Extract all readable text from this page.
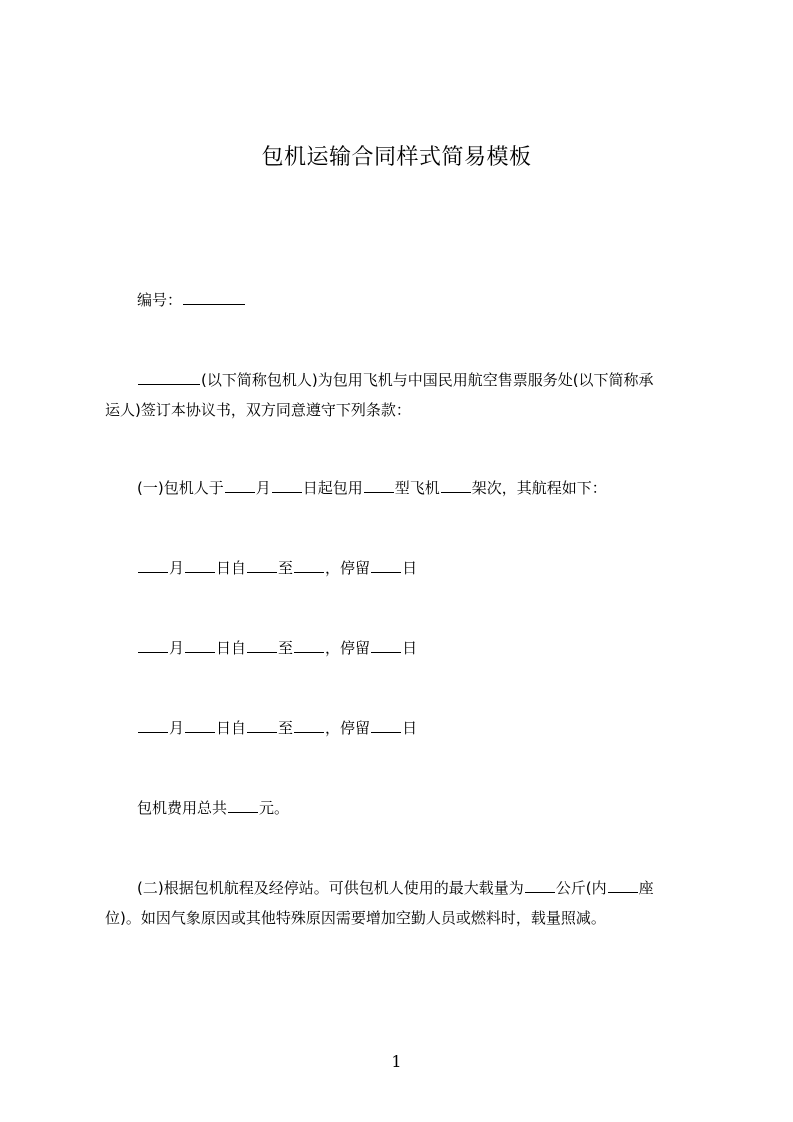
包机运输合同样式简易模板
编号：
(以下简称包机人)为包用飞机与中国民用航空售票服务处(以下简称承
运人)签订本协议书，双方同意遵守下列条款：
(一)包机人于 月 日起包用 型飞机 架次，其航程如下：
月 日自 至 ，停留 日
月 日自 至 ，停留 日
月 日自 至 ，停留 日
包机费用总共 元。
(二)根据包机航程及经停站。可供包机人使用的最大载量为 公斤(内 座
位)。如因气象原因或其他特殊原因需要增加空勤人员或燃料时，载量照减。
1
